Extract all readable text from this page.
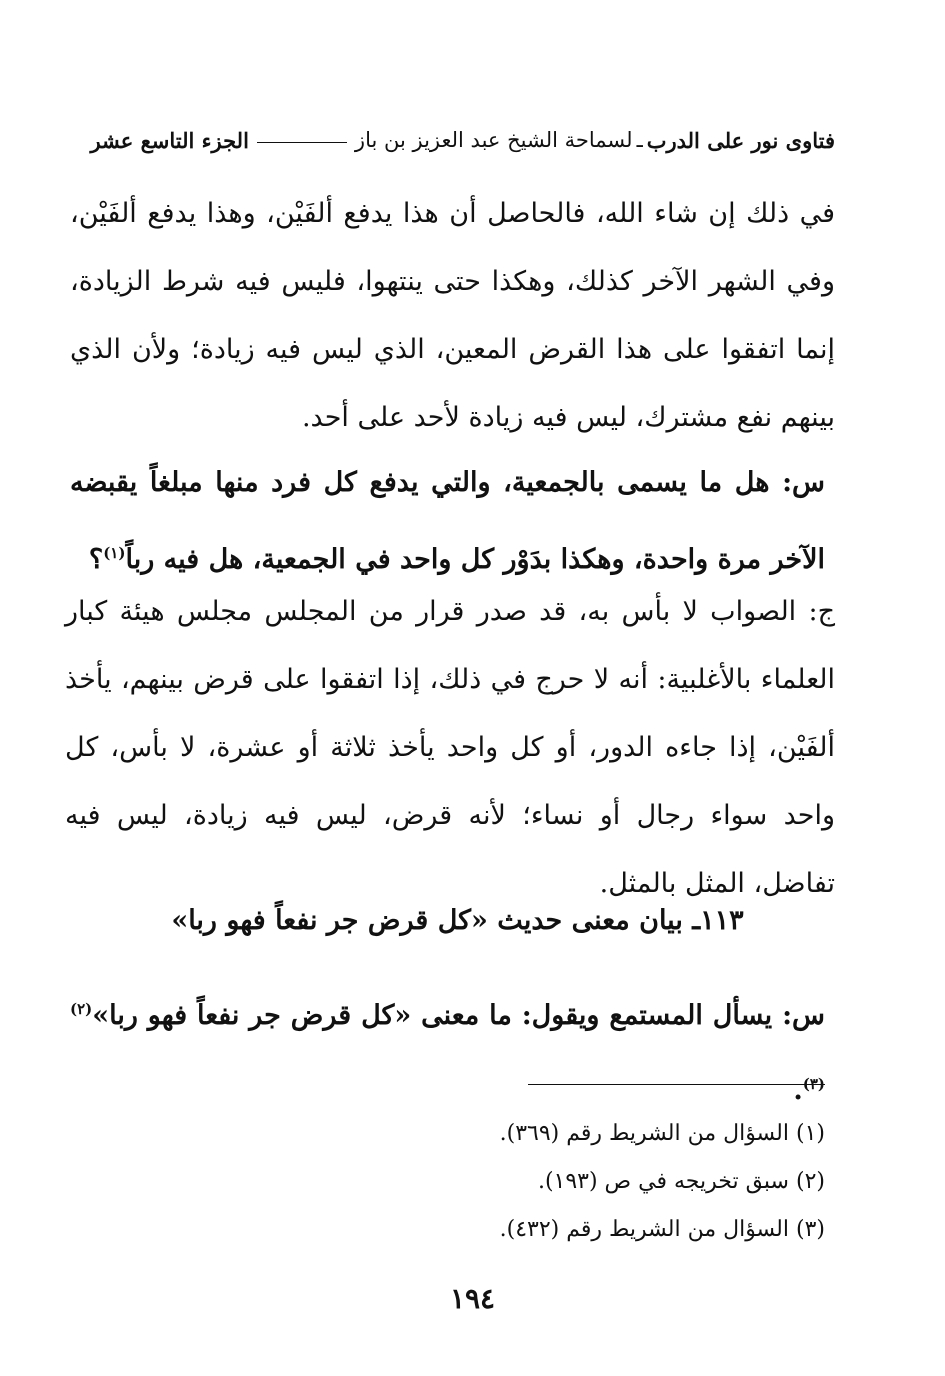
فتاوى نور على الدرب
ـ
لسماحة الشيخ عبد العزيز بن باز
الجزء التاسع عشر

في ذلك إن شاء الله، فالحاصل أن هذا يدفع ألفَيْن، وهذا يدفع ألفَيْن، وفي الشهر الآخر كذلك، وهكذا حتى ينتهوا، فليس فيه شرط الزيادة، إنما اتفقوا على هذا القرض المعين، الذي ليس فيه زيادة؛ ولأن الذي بينهم نفع مشترك، ليس فيه زيادة لأحد على أحد.

س: هل ما يسمى بالجمعية، والتي يدفع كل فرد منها مبلغاً يقبضه الآخر مرة واحدة، وهكذا بدَوْر كل واحد في الجمعية، هل فيه رباً$^{(١)}$؟

ج: الصواب لا بأس به، قد صدر قرار من المجلس مجلس هيئة كبار العلماء بالأغلبية: أنه لا حرج في ذلك، إذا اتفقوا على قرض بينهم، يأخذ ألفَيْن، إذا جاءه الدور، أو كل واحد يأخذ ثلاثة أو عشرة، لا بأس، كل واحد سواء رجال أو نساء؛ لأنه قرض، ليس فيه زيادة، ليس فيه تفاضل، المثل بالمثل.

١١٣ـ بيان معنى حديث «كل قرض جر نفعاً فهو ربا»

س: يسأل المستمع ويقول: ما معنى «كل قرض جر نفعاً فهو ربا»$^{(٢) (٣)}$.

(١) السؤال من الشريط رقم (٣٦٩).
(٢) سبق تخريجه في ص (١٩٣).
(٣) السؤال من الشريط رقم (٤٣٢).
١٩٤
